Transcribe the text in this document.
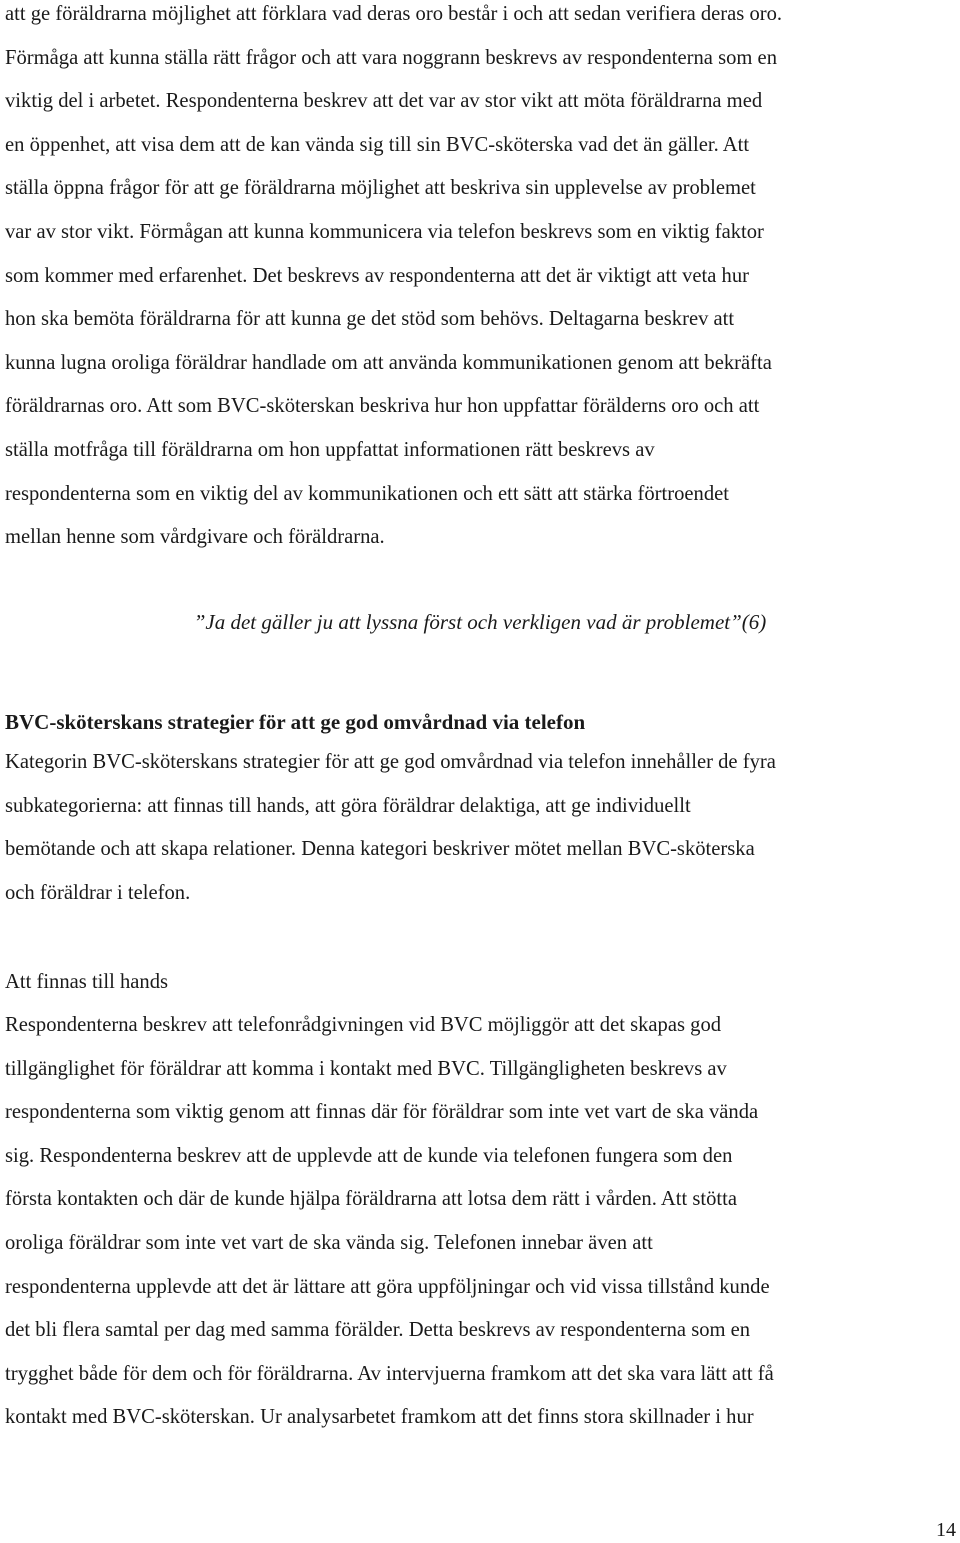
att ge föräldrarna möjlighet att förklara vad deras oro består i och att sedan verifiera deras oro.
Förmåga att kunna ställa rätt frågor och att vara noggrann beskrevs av respondenterna som en
viktig del i arbetet. Respondenterna beskrev att det var av stor vikt att möta föräldrarna med
en öppenhet, att visa dem att de kan vända sig till sin BVC-sköterska vad det än gäller. Att
ställa öppna frågor för att ge föräldrarna möjlighet att beskriva sin upplevelse av problemet
var av stor vikt. Förmågan att kunna kommunicera via telefon beskrevs som en viktig faktor
som kommer med erfarenhet. Det beskrevs av respondenterna att det är viktigt att veta hur
hon ska bemöta föräldrarna för att kunna ge det stöd som behövs. Deltagarna beskrev att
kunna lugna oroliga föräldrar handlade om att använda kommunikationen genom att bekräfta
föräldrarnas oro. Att som BVC-sköterskan beskriva hur hon uppfattar förälderns oro och att
ställa motfråga till föräldrarna om hon uppfattat informationen rätt beskrevs av
respondenterna som en viktig del av kommunikationen och ett sätt att stärka förtroendet
mellan henne som vårdgivare och föräldrarna.

”Ja det gäller ju att lyssna först och verkligen vad är problemet”(6)

BVC-sköterskans strategier för att ge god omvårdnad via telefon

Kategorin BVC-sköterskans strategier för att ge god omvårdnad via telefon innehåller de fyra
subkategorierna: att finnas till hands, att göra föräldrar delaktiga, att ge individuellt
bemötande och att skapa relationer. Denna kategori beskriver mötet mellan BVC-sköterska
och föräldrar i telefon.

Att finnas till hands

Respondenterna beskrev att telefonrådgivningen vid BVC möjliggör att det skapas god
tillgänglighet för föräldrar att komma i kontakt med BVC. Tillgängligheten beskrevs av
respondenterna som viktig genom att finnas där för föräldrar som inte vet vart de ska vända
sig. Respondenterna beskrev att de upplevde att de kunde via telefonen fungera som den
första kontakten och där de kunde hjälpa föräldrarna att lotsa dem rätt i vården. Att stötta
oroliga föräldrar som inte vet vart de ska vända sig. Telefonen innebar även att
respondenterna upplevde att det är lättare att göra uppföljningar och vid vissa tillstånd kunde
det bli flera samtal per dag med samma förälder. Detta beskrevs av respondenterna som en
trygghet både för dem och för föräldrarna. Av intervjuerna framkom att det ska vara lätt att få
kontakt med BVC-sköterskan. Ur analysarbetet framkom att det finns stora skillnader i hur
14
